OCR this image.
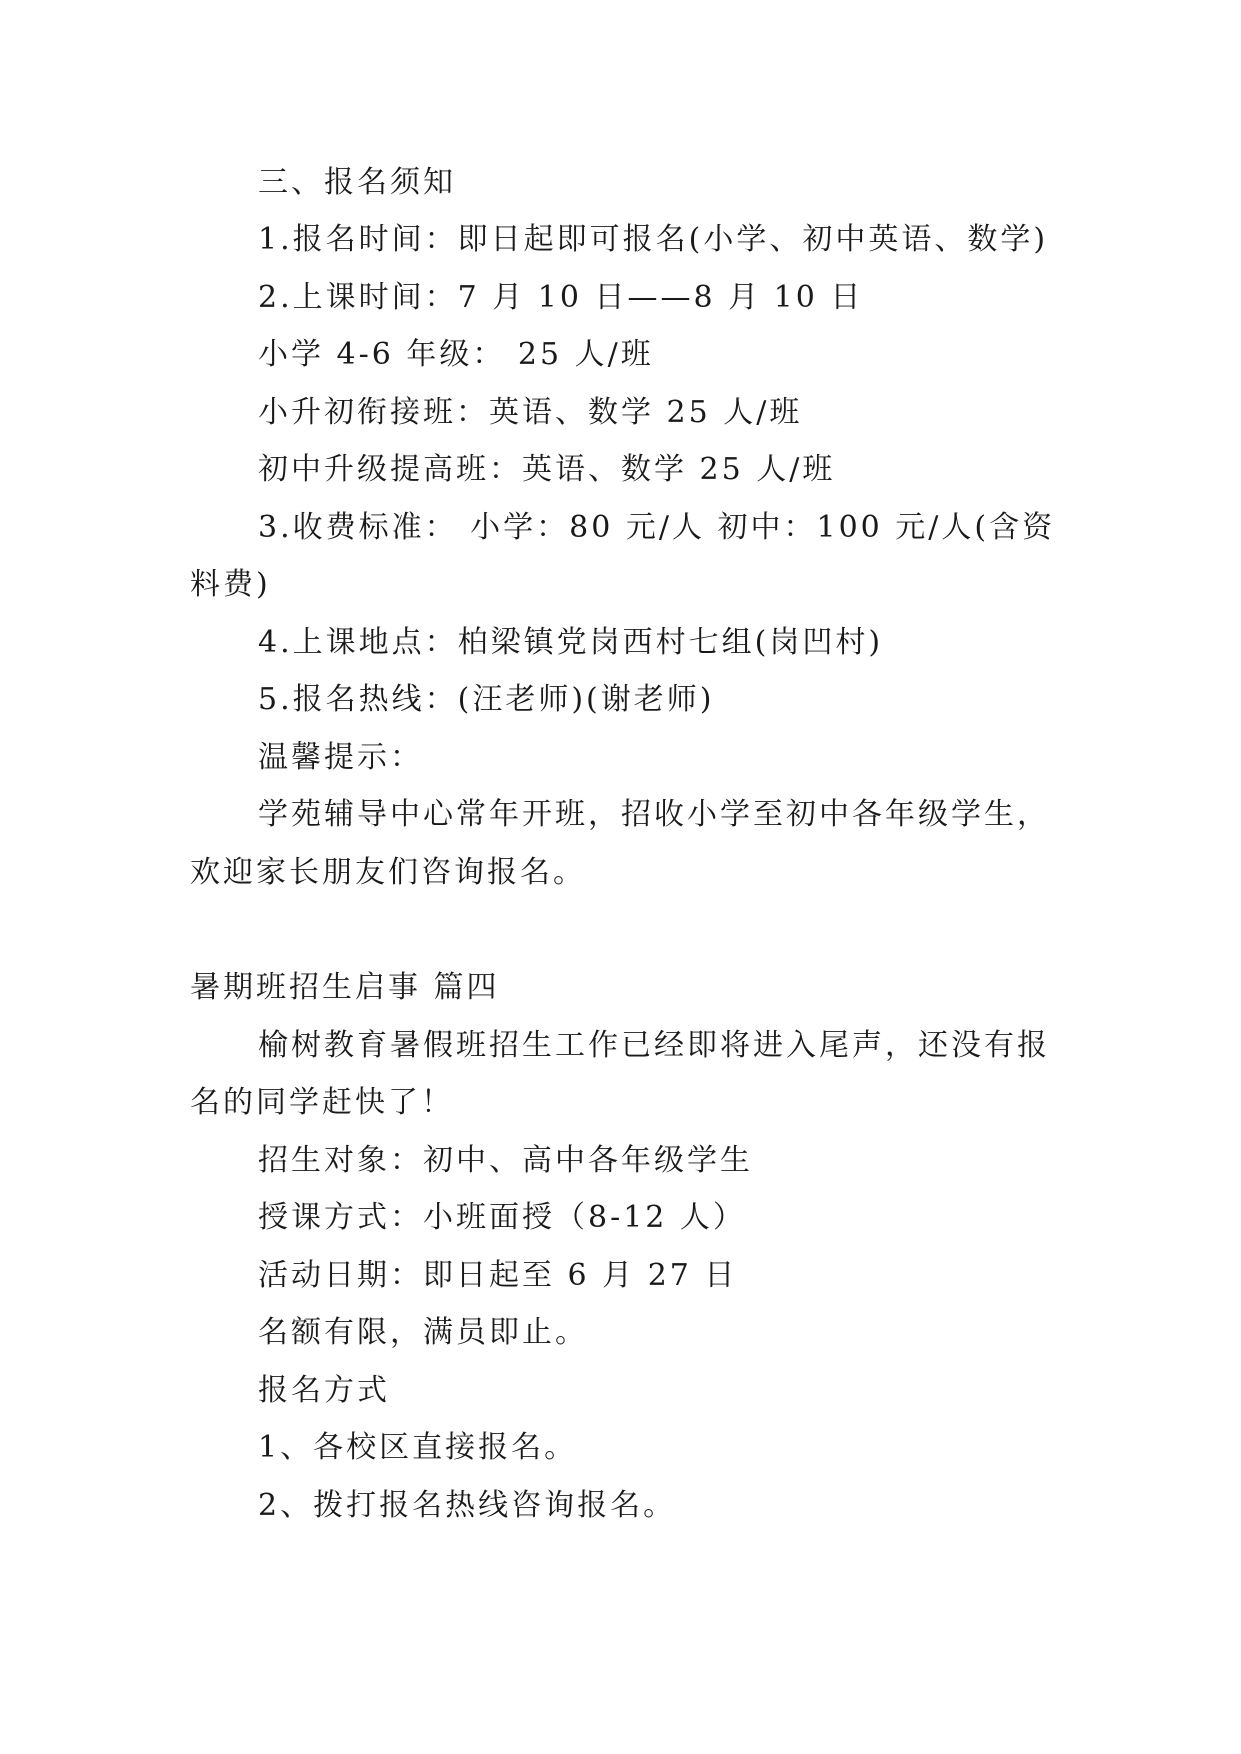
三、报名须知
1.报名时间：即日起即可报名(小学、初中英语、数学)
2.上课时间：7 月 10 日——8 月 10 日
小学 4-6 年级： 25 人/班
小升初衔接班：英语、数学 25 人/班
初中升级提高班：英语、数学 25 人/班
3.收费标准： 小学：80 元/人 初中：100 元/人(含资
料费)
4.上课地点：柏梁镇党岗西村七组(岗凹村)
5.报名热线：(汪老师)(谢老师)
温馨提示：
学苑辅导中心常年开班，招收小学至初中各年级学生，
欢迎家长朋友们咨询报名。
暑期班招生启事 篇四
榆树教育暑假班招生工作已经即将进入尾声，还没有报
名的同学赶快了！
招生对象：初中、高中各年级学生
授课方式：小班面授（8-12 人）
活动日期：即日起至 6 月 27 日
名额有限，满员即止。
报名方式
1、各校区直接报名。
2、拨打报名热线咨询报名。
